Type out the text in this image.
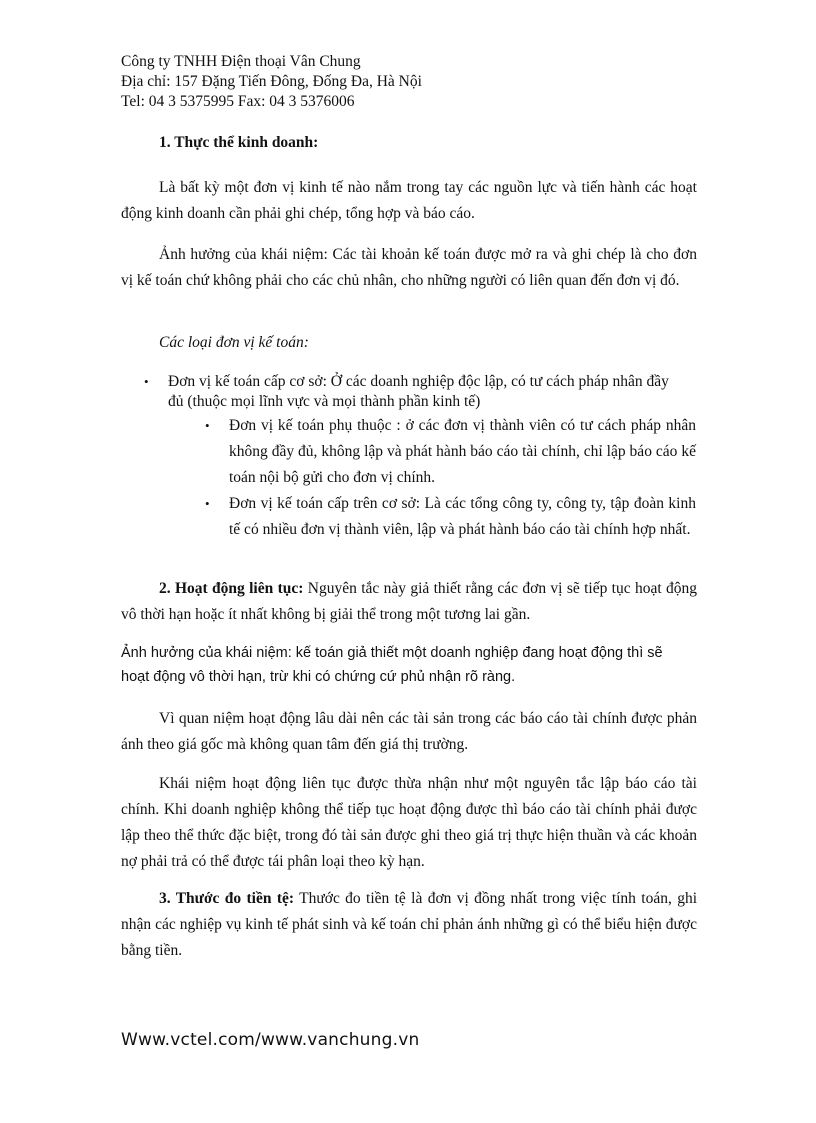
Công ty TNHH Điện thoại Vân Chung
Địa chỉ: 157 Đặng Tiến Đông, Đống Đa, Hà Nội
Tel: 04 3 5375995 Fax: 04 3 5376006
1. Thực thể kinh doanh:
Là bất kỳ một đơn vị kinh tế nào nắm trong tay các nguồn lực và tiến hành các hoạt động kinh doanh cần phải ghi chép, tổng hợp và báo cáo.
Ảnh hưởng của khái niệm: Các tài khoản kế toán được mở ra và ghi chép là cho đơn vị kế toán chứ không phải cho các chủ nhân, cho những người có liên quan đến đơn vị đó.
Các loại đơn vị kế toán:
• Đơn vị kế toán cấp cơ sở: Ở các doanh nghiệp độc lập, có tư cách pháp nhân đầy đủ (thuộc mọi lĩnh vực và mọi thành phần kinh tế)
• Đơn vị kế toán phụ thuộc : ở các đơn vị thành viên có tư cách pháp nhân không đầy đủ, không lập và phát hành báo cáo tài chính, chỉ lập báo cáo kế toán nội bộ gửi cho đơn vị chính.
• Đơn vị kế toán cấp trên cơ sở: Là các tổng công ty, công ty, tập đoàn kinh tế có nhiều đơn vị thành viên, lập và phát hành báo cáo tài chính hợp nhất.
2. Hoạt động liên tục: Nguyên tắc này giả thiết rằng các đơn vị sẽ tiếp tục hoạt động vô thời hạn hoặc ít nhất không bị giải thể trong một tương lai gần.
Ảnh hưởng của khái niệm: kế toán giả thiết một doanh nghiệp đang hoạt động thì sẽ hoạt động vô thời hạn, trừ khi có chứng cứ phủ nhận rõ ràng.
Vì quan niệm hoạt động lâu dài nên các tài sản trong các báo cáo tài chính được phản ánh theo giá gốc mà không quan tâm đến giá thị trường.
Khái niệm hoạt động liên tục được thừa nhận như một nguyên tắc lập báo cáo tài chính. Khi doanh nghiệp không thể tiếp tục hoạt động được thì báo cáo tài chính phải được lập theo thể thức đặc biệt, trong đó tài sản được ghi theo giá trị thực hiện thuần và các khoản nợ phải trả có thể được tái phân loại theo kỳ hạn.
3. Thước đo tiền tệ: Thước đo tiền tệ là đơn vị đồng nhất trong việc tính toán, ghi nhận các nghiệp vụ kinh tế phát sinh và kế toán chỉ phản ánh những gì có thể biểu hiện được bằng tiền.
Www.vctel.com/www.vanchung.vn
